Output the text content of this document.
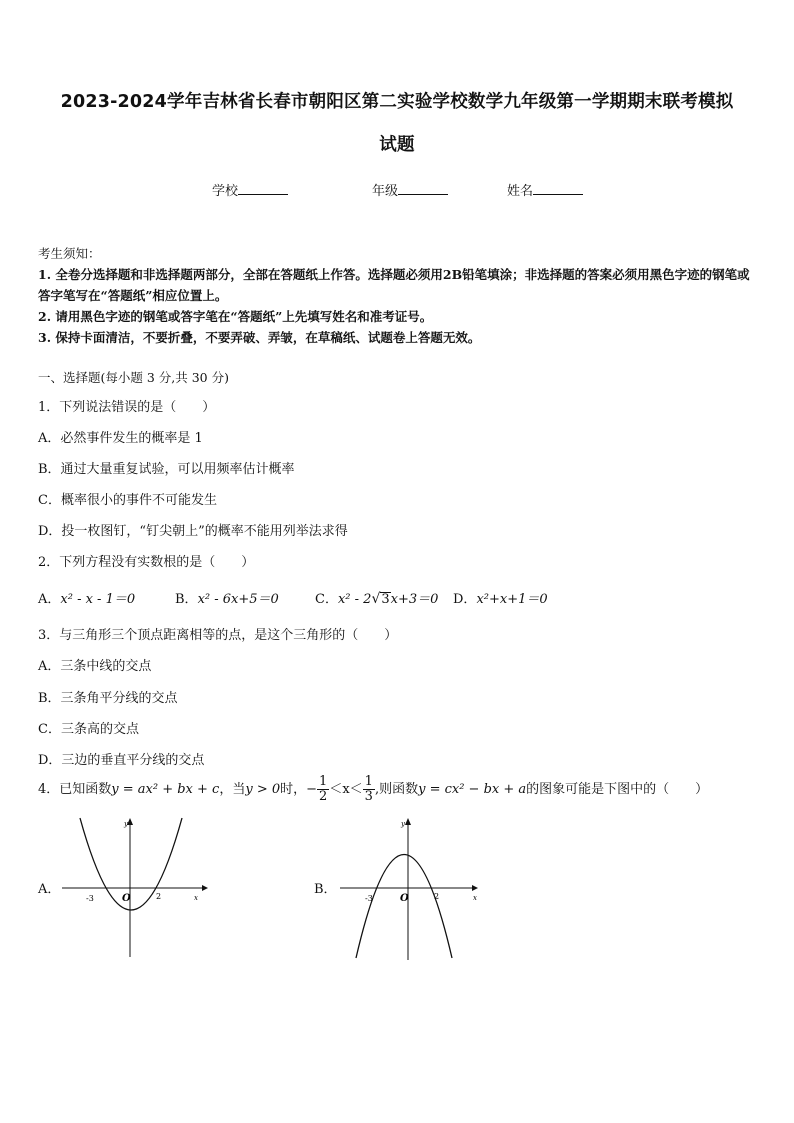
2023-2024学年吉林省长春市朝阳区第二实验学校数学九年级第一学期期末联考模拟
试题
学校	年级	姓名
考生须知：
1. 全卷分选择题和非选择题两部分，全部在答题纸上作答。选择题必须用2B铅笔填涂；非选择题的答案必须用黑色字迹的钢笔或答字笔写在“答题纸”相应位置上。
2. 请用黑色字迹的钢笔或答字笔在“答题纸”上先填写姓名和准考证号。
3. 保持卡面清洁，不要折叠，不要弄破、弄皱，在草稿纸、试题卷上答题无效。
一、选择题(每小题 3 分,共 30 分)
1．下列说法错误的是（　　）
A．必然事件发生的概率是 1
B．通过大量重复试验，可以用频率估计概率
C．概率很小的事件不可能发生
D．投一枚图钉，“钉尖朝上”的概率不能用列举法求得
2．下列方程没有实数根的是（　　）
A．x² - x - 1＝0	B．x² - 6x+5＝0	C．x² - 2√3x+3＝0 D．x²+x+1＝0
3．与三角形三个顶点距离相等的点，是这个三角形的（　　）
A．三条中线的交点
B．三条角平分线的交点
C．三条高的交点
D．三边的垂直平分线的交点
4．已知函数y = ax² + bx + c，当y > 0时，− $\frac{1}{2} <x< \frac{1}{3}$ ,则函数y = cx² − bx + a的图象可能是下图中的（　　）
A．
-3	2
O	x
y
B．
-3	2
O	x
y
